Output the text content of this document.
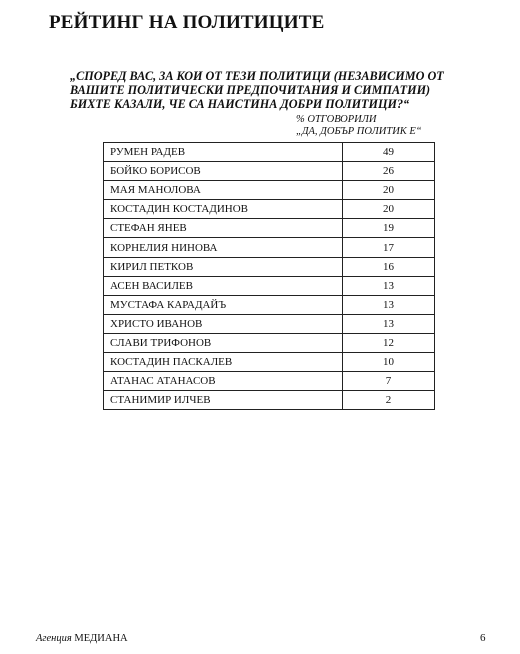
РЕЙТИНГ НА ПОЛИТИЦИТЕ
„СПОРЕД ВАС, ЗА КОИ ОТ ТЕЗИ ПОЛИТИЦИ (НЕЗАВИСИМО ОТ ВАШИТЕ ПОЛИТИЧЕСКИ ПРЕДПОЧИТАНИЯ И СИМПАТИИ) БИХТЕ КАЗАЛИ, ЧЕ СА НАИСТИНА ДОБРИ ПОЛИТИЦИ?“
% ОТГОВОРИЛИ
„ДА, ДОБЪР ПОЛИТИК Е“
РУМЕН РАДЕВ	49
БОЙКО БОРИСОВ	26
МАЯ МАНОЛОВА	20
КОСТАДИН КОСТАДИНОВ	20
СТЕФАН ЯНЕВ	19
КОРНЕЛИЯ НИНОВА	17
КИРИЛ ПЕТКОВ	16
АСЕН ВАСИЛЕВ	13
МУСТАФА КАРАДАЙЪ	13
ХРИСТО ИВАНОВ	13
СЛАВИ ТРИФОНОВ	12
КОСТАДИН ПАСКАЛЕВ	10
АТАНАС АТАНАСОВ	7
СТАНИМИР ИЛЧЕВ	2
Агенция МЕДИАНА	6
